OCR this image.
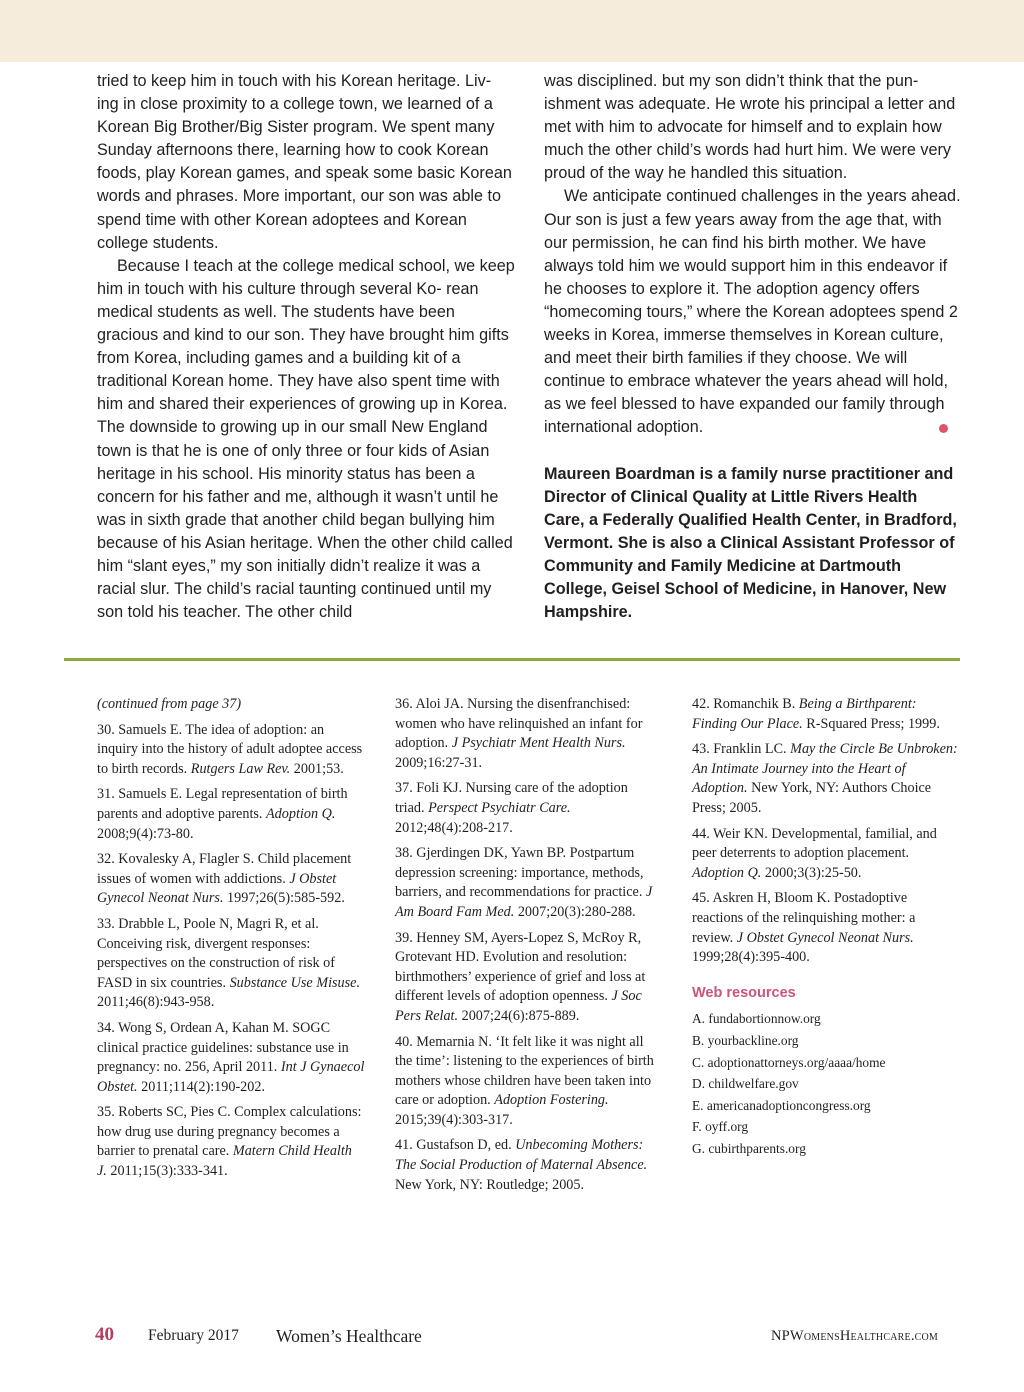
tried to keep him in touch with his Korean heritage. Liv- ing in close proximity to a college town, we learned of a Korean Big Brother/Big Sister program. We spent many Sunday afternoons there, learning how to cook Korean foods, play Korean games, and speak some basic Korean words and phrases. More important, our son was able to spend time with other Korean adoptees and Korean college students.

Because I teach at the college medical school, we keep him in touch with his culture through several Ko- rean medical students as well. The students have been gracious and kind to our son. They have brought him gifts from Korea, including games and a building kit of a traditional Korean home. They have also spent time with him and shared their experiences of growing up in Korea. The downside to growing up in our small New England town is that he is one of only three or four kids of Asian heritage in his school. His minority status has been a concern for his father and me, although it wasn’t until he was in sixth grade that another child began bullying him because of his Asian heritage. When the other child called him “slant eyes,” my son initially didn’t realize it was a racial slur. The child’s racial taunting continued until my son told his teacher. The other child

was disciplined. but my son didn’t think that the pun- ishment was adequate. He wrote his principal a letter and met with him to advocate for himself and to explain how much the other child’s words had hurt him. We were very proud of the way he handled this situation.

We anticipate continued challenges in the years ahead. Our son is just a few years away from the age that, with our permission, he can find his birth mother. We have always told him we would support him in this endeavor if he chooses to explore it. The adoption agency offers “homecoming tours,” where the Korean adoptees spend 2 weeks in Korea, immerse themselves in Korean culture, and meet their birth families if they choose. We will continue to embrace whatever the years ahead will hold, as we feel blessed to have expanded our family through international adoption.

Maureen Boardman is a family nurse practitioner and Director of Clinical Quality at Little Rivers Health Care, a Federally Qualified Health Center, in Bradford, Vermont. She is also a Clinical Assistant Professor of Community and Family Medicine at Dartmouth College, Geisel School of Medicine, in Hanover, New Hampshire.

(continued from page 37)

30. Samuels E. The idea of adoption: an inquiry into the history of adult adoptee access to birth records. Rutgers Law Rev. 2001;53.

31. Samuels E. Legal representation of birth parents and adoptive parents. Adoption Q. 2008;9(4):73-80.

32. Kovalesky A, Flagler S. Child placement issues of women with addictions. J Obstet Gynecol Neonat Nurs. 1997;26(5):585-592.

33. Drabble L, Poole N, Magri R, et al. Conceiving risk, divergent responses: perspectives on the construction of risk of FASD in six countries. Substance Use Misuse. 2011;46(8):943-958.

34. Wong S, Ordean A, Kahan M. SOGC clinical practice guidelines: substance use in pregnancy: no. 256, April 2011. Int J Gynaecol Obstet. 2011;114(2):190-202.

35. Roberts SC, Pies C. Complex calculations: how drug use during pregnancy becomes a barrier to prenatal care. Matern Child Health J. 2011;15(3):333-341.

36. Aloi JA. Nursing the disenfranchised: women who have relinquished an infant for adoption. J Psychiatr Ment Health Nurs. 2009;16:27-31.

37. Foli KJ. Nursing care of the adoption triad. Perspect Psychiatr Care. 2012;48(4):208-217.

38. Gjerdingen DK, Yawn BP. Postpartum depression screening: importance, methods, barriers, and recommendations for practice. J Am Board Fam Med. 2007;20(3):280-288.

39. Henney SM, Ayers-Lopez S, McRoy R, Grotevant HD. Evolution and resolution: birthmothers’ experience of grief and loss at different levels of adoption openness. J Soc Pers Relat. 2007;24(6):875-889.

40. Memarnia N. ‘It felt like it was night all the time’: listening to the experiences of birth mothers whose children have been taken into care or adoption. Adoption Fostering. 2015;39(4):303-317.

41. Gustafson D, ed. Unbecoming Mothers: The Social Production of Maternal Absence. New York, NY: Routledge; 2005.

42. Romanchik B. Being a Birthparent: Finding Our Place. R-Squared Press; 1999.

43. Franklin LC. May the Circle Be Unbroken: An Intimate Journey into the Heart of Adoption. New York, NY: Authors Choice Press; 2005.

44. Weir KN. Developmental, familial, and peer deterrents to adoption placement. Adoption Q. 2000;3(3):25-50.

45. Askren H, Bloom K. Postadoptive reactions of the relinquishing mother: a review. J Obstet Gynecol Neonat Nurs. 1999;28(4):395-400.

Web resources

A. fundabortionnow.org

B. yourbackline.org

C. adoptionattorneys.org/aaaa/home

D. childwelfare.gov

E. americanadoptioncongress.org

F. oyff.org

G. cubirthparents.org

40 February 2017 Women’s Healthcare	NPWomensHealthcare.com
